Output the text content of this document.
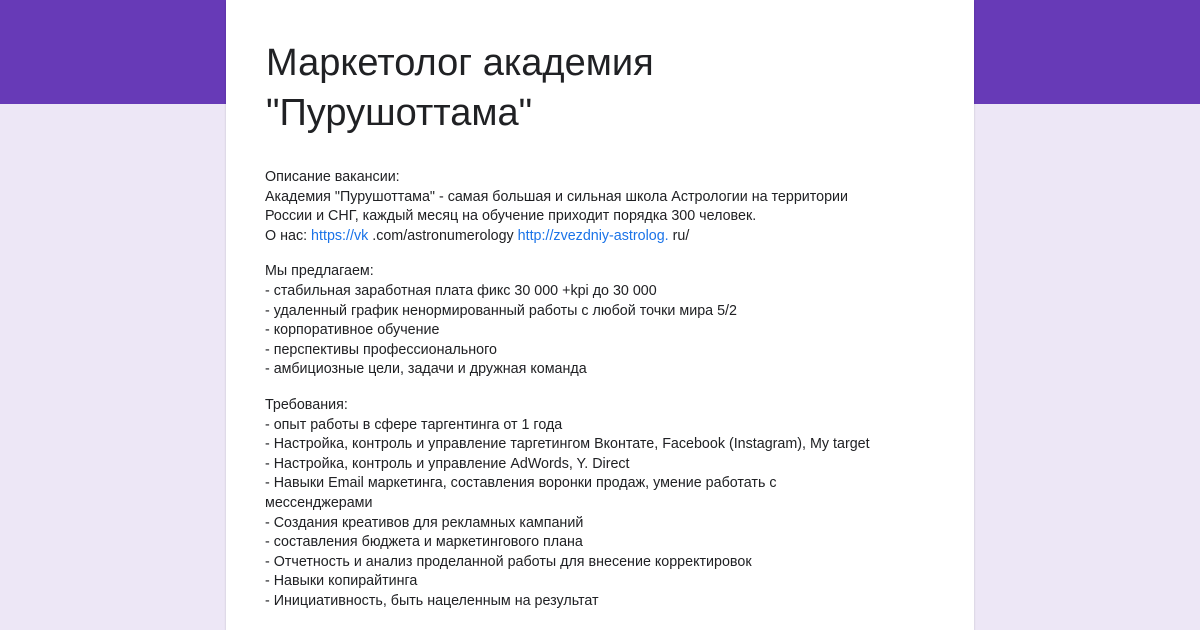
Маркетолог академия
"Пурушоттама"
Описание вакансии:
Академия "Пурушоттама" - самая большая и сильная школа Астрологии на территории
России и СНГ, каждый месяц на обучение приходит порядка 300 человек.
О нас: https://vk .com/astronumerology http://zvezdniy-astrolog. ru/
Мы предлагаем:
- стабильная заработная плата фикс 30 000 +kpi до 30 000
- удаленный график ненормированный работы с любой точки мира 5/2
- корпоративное обучение
- перспективы профессионального
- амбициозные цели, задачи и дружная команда
Требования:
- опыт работы в сфере таргентинга от 1 года
- Настройка, контроль и управление таргетингом Вконтате, Facebook (Instagram), My target
- Настройка, контроль и управление AdWords, Y. Direct
- Навыки Email маркетинга, составления воронки продаж, умение работать с
мессенджерами
- Создания креативов для рекламных кампаний
- составления бюджета и маркетингового плана
- Отчетность и анализ проделанной работы для внесение корректировок
- Навыки копирайтинга
- Инициативность, быть нацеленным на результат
